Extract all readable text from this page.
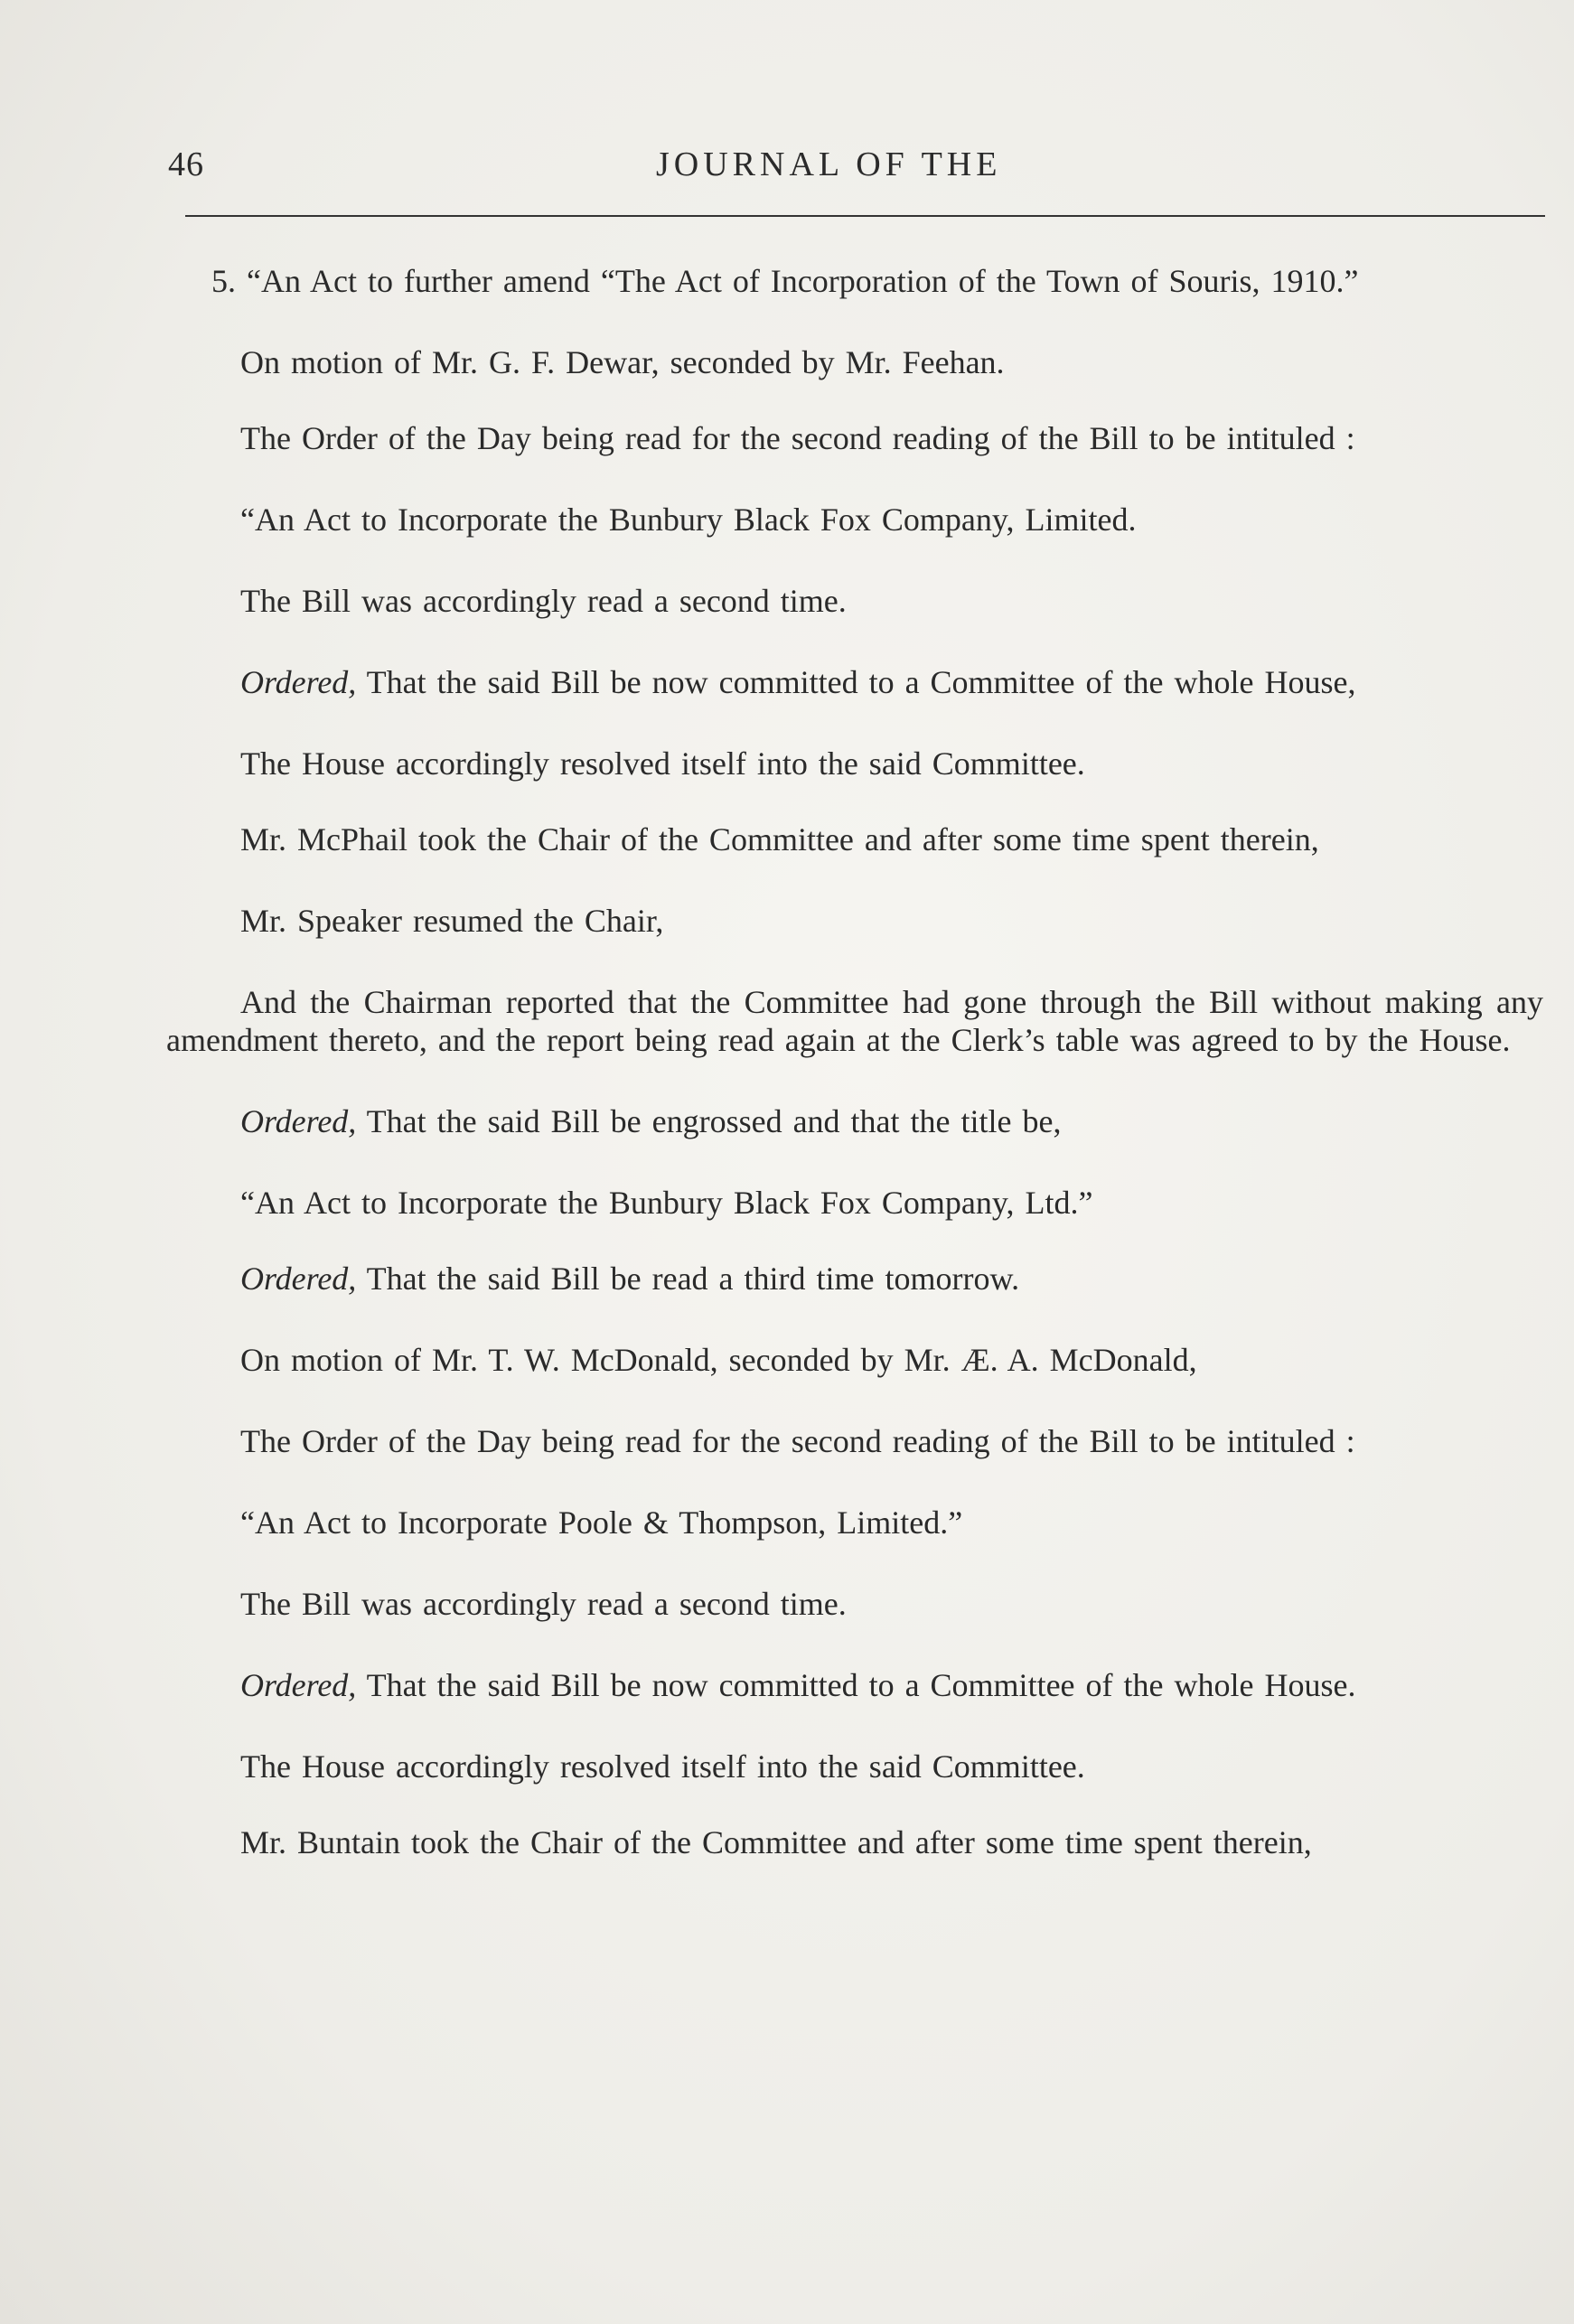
46	JOURNAL OF THE

5. “An Act to further amend “The Act of Incorporation of the Town of Souris, 1910.”

On motion of Mr. G. F. Dewar, seconded by Mr. Feehan.

The Order of the Day being read for the second reading of the Bill to be intituled :

“An Act to Incorporate the Bunbury Black Fox Company, Limited.

The Bill was accordingly read a second time.

Ordered, That the said Bill be now committed to a Committee of the whole House,

The House accordingly resolved itself into the said Committee.

Mr. McPhail took the Chair of the Committee and after some time spent therein,

Mr. Speaker resumed the Chair,

And the Chairman reported that the Committee had gone through the Bill without making any amendment thereto, and the report being read again at the Clerk’s table was agreed to by the House.

Ordered, That the said Bill be engrossed and that the title be,

“An Act to Incorporate the Bunbury Black Fox Company, Ltd.”

Ordered, That the said Bill be read a third time tomorrow.

On motion of Mr. T. W. McDonald, seconded by Mr. Æ. A. McDonald,

The Order of the Day being read for the second reading of the Bill to be intituled :

“An Act to Incorporate Poole & Thompson, Limited.”

The Bill was accordingly read a second time.

Ordered, That the said Bill be now committed to a Committee of the whole House.

The House accordingly resolved itself into the said Committee.

Mr. Buntain took the Chair of the Committee and after some time spent therein,
